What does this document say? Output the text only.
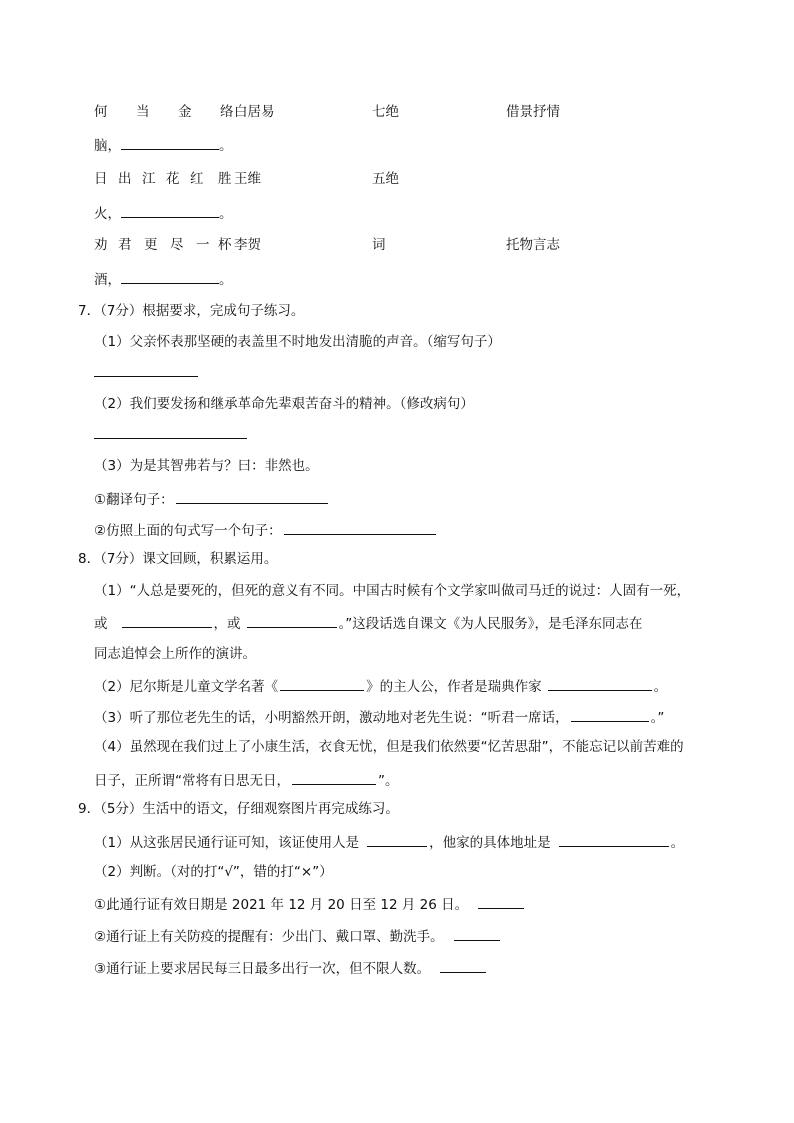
何 当 金 络 白居易	七绝	借景抒情
脑，	。
日 出 江 花 红 胜 王维	五绝
火，	。
劝 君 更 尽 一 杯 李贺	词	托物言志
酒，	。
7．（7分）根据要求，完成句子练习。
（1）父亲怀表那坚硬的表盖里不时地发出清脆的声音。（缩写句子）
（2）我们要发扬和继承革命先辈艰苦奋斗的精神。（修改病句）
（3）为是其智弗若与？曰：非然也。
①翻译句子：
②仿照上面的句式写一个句子：
8．（7分）课文回顾，积累运用。
（1）“人总是要死的，但死的意义有不同。中国古时候有个文学家叫做司马迁的说过：人固有一死，
或	，或	。”这段话选自课文《为人民服务》，是毛泽东同志在
同志追悼会上所作的演讲。
（2）尼尔斯是儿童文学名著《	》的主人公，作者是瑞典作家	。
（3）听了那位老先生的话，小明豁然开朗，激动地对老先生说：“听君一席话，	。”
（4）虽然现在我们过上了小康生活，衣食无忧，但是我们依然要“忆苦思甜”，不能忘记以前苦难的
日子，正所谓“常将有日思无日，	”。
9．（5分）生活中的语文，仔细观察图片再完成练习。
（1）从这张居民通行证可知，该证使用人是	，他家的具体地址是	。
（2）判断。（对的打“√”，错的打“×”）
①此通行证有效日期是 2021 年 12 月 20 日至 12 月 26 日。
②通行证上有关防疫的提醒有：少出门、戴口罩、勤洗手。
③通行证上要求居民每三日最多出行一次，但不限人数。
